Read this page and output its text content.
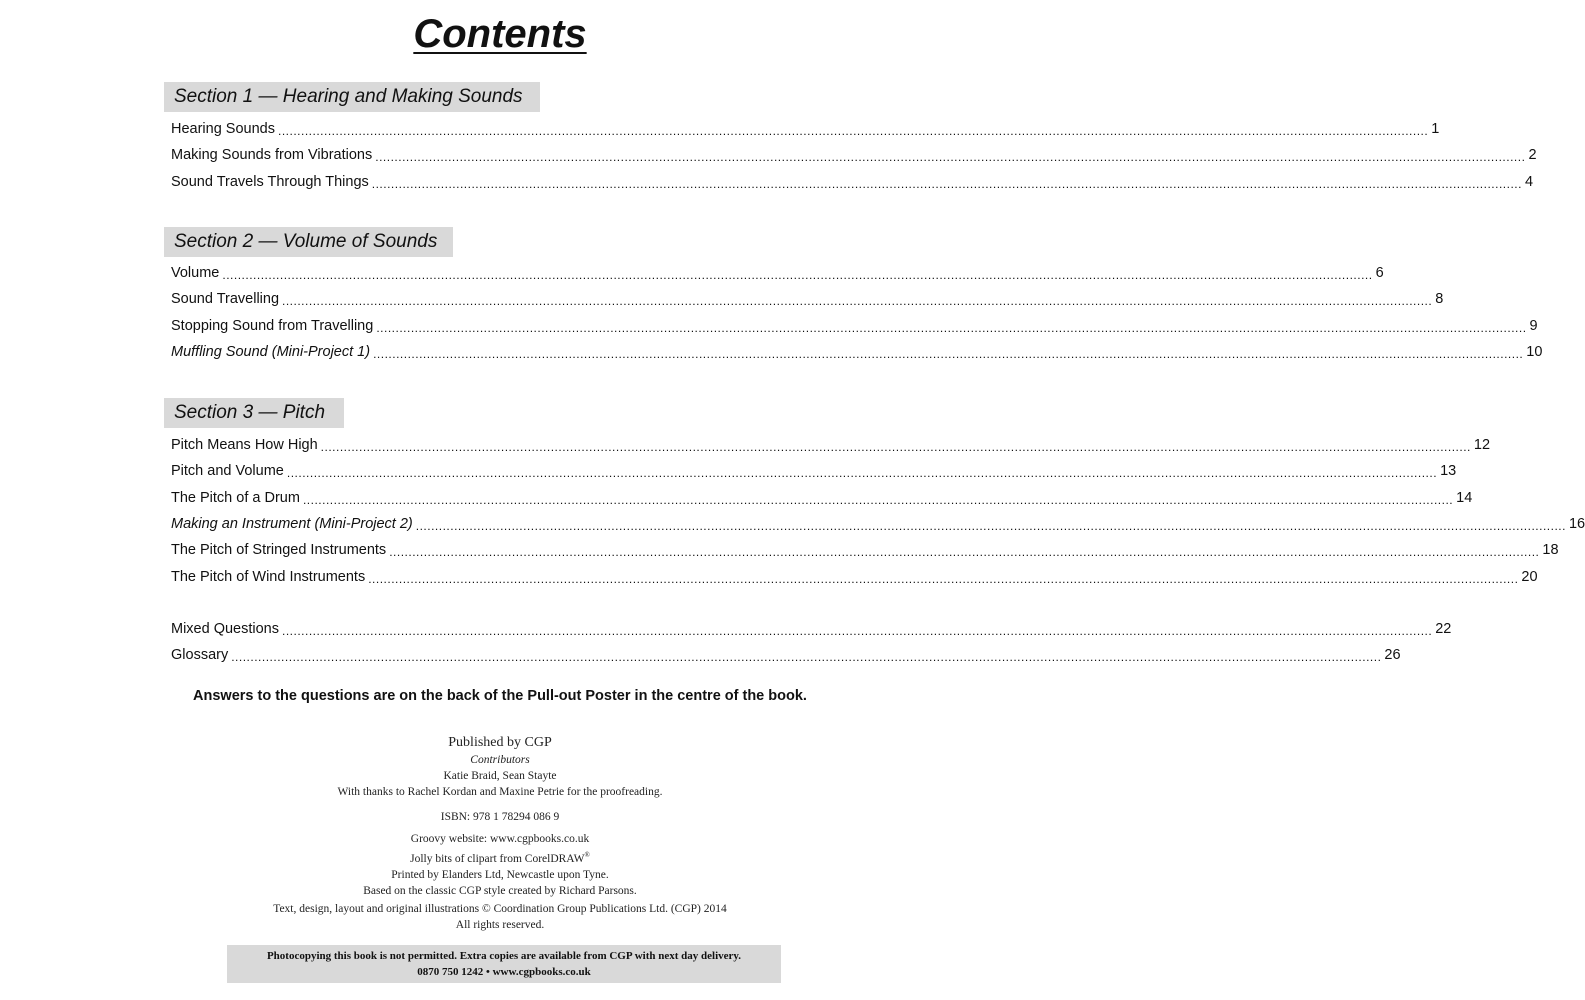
Contents
Section 1 — Hearing and Making Sounds
Hearing Sounds ............................................................................................................................................................................................................................................................................................................ 1
Making Sounds from Vibrations ............................................................................................................................................................................................................................................................................................................ 2
Sound Travels Through Things ............................................................................................................................................................................................................................................................................................................ 4
Section 2 — Volume of Sounds
Volume ............................................................................................................................................................................................................................................................................................................ 6
Sound Travelling ............................................................................................................................................................................................................................................................................................................ 8
Stopping Sound from Travelling ............................................................................................................................................................................................................................................................................................................ 9
Muffling Sound (Mini-Project 1) ............................................................................................................................................................................................................................................................................................................ 10
Section 3 — Pitch
Pitch Means How High ............................................................................................................................................................................................................................................................................................................ 12
Pitch and Volume ............................................................................................................................................................................................................................................................................................................ 13
The Pitch of a Drum ............................................................................................................................................................................................................................................................................................................ 14
Making an Instrument (Mini-Project 2) ............................................................................................................................................................................................................................................................................................................ 16
The Pitch of Stringed Instruments ............................................................................................................................................................................................................................................................................................................ 18
The Pitch of Wind Instruments ............................................................................................................................................................................................................................................................................................................ 20
Mixed Questions ............................................................................................................................................................................................................................................................................................................ 22
Glossary ............................................................................................................................................................................................................................................................................................................ 26
Answers to the questions are on the back of the Pull-out Poster in the centre of the book.
Published by CGP
Contributors
Katie Braid, Sean Stayte
With thanks to Rachel Kordan and Maxine Petrie for the proofreading.
ISBN: 978 1 78294 086 9
Groovy website: www.cgpbooks.co.uk
Jolly bits of clipart from CorelDRAW®
Printed by Elanders Ltd, Newcastle upon Tyne.
Based on the classic CGP style created by Richard Parsons.
Text, design, layout and original illustrations © Coordination Group Publications Ltd. (CGP) 2014
All rights reserved.
Photocopying this book is not permitted. Extra copies are available from CGP with next day delivery.
0870 750 1242 • www.cgpbooks.co.uk
